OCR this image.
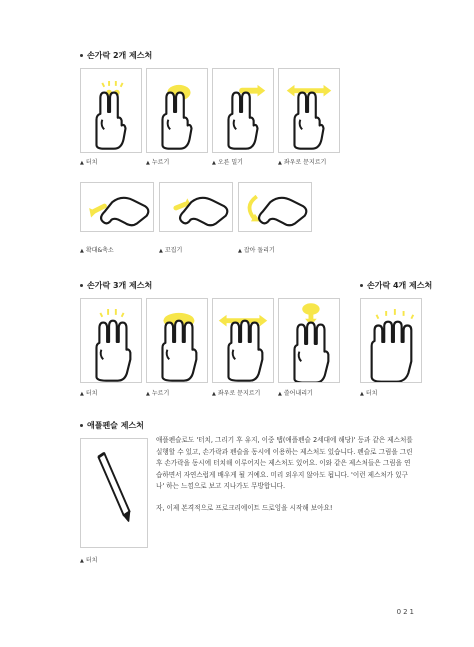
손가락 2개 제스처
▲ 터치	▲ 누르기	▲ 오른 밀기	▲ 좌우로 문지르기
▲ 확대&축소	▲ 꼬집기	▲ 잡아 돌리기
손가락 3개 제스처	손가락 4개 제스처
▲ 터치	▲ 누르기	▲ 좌우로 문지르기	▲ 쓸어내리기	▲ 터치
애플펜슬 제스처
▲ 터치

애플펜슬로도 '터치, 그리기 후 유지, 이중 탭(애플펜슬 2세대에 해당)' 등과 같은 제스처를 실행할 수 있고, 손가락과 펜슬을 동시에 이용하는 제스처도 있습니다. 펜슬로 그림을 그린 후 손가락을 동시에 터치해 이루어지는 제스처도 있어요. 이와 같은 제스처들은 그림을 연습하면서 자연스럽게 배우게 될 거예요. 미리 외우지 않아도 됩니다. '이런 제스처가 있구나' 하는 느낌으로 보고 지나가도 무방합니다.

자, 이제 본격적으로 프로크리에이트 드로잉을 시작해 보아요!

021
